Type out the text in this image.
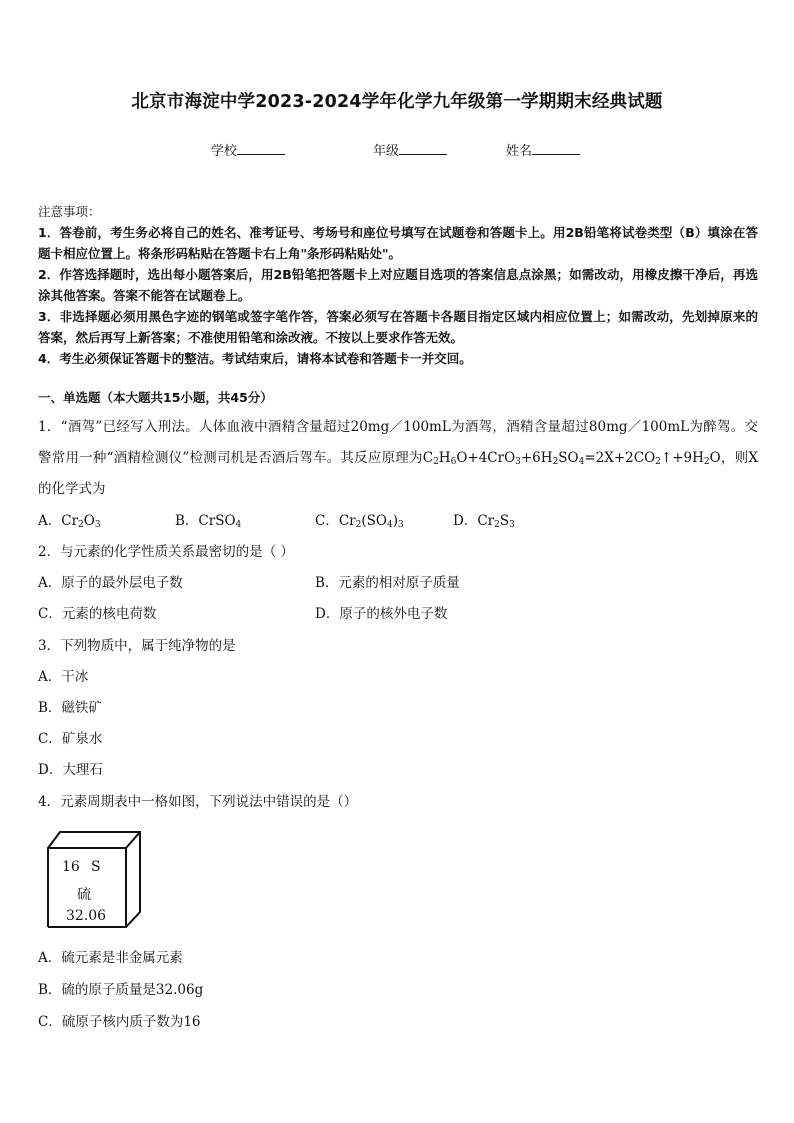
北京市海淀中学2023-2024学年化学九年级第一学期期末经典试题
学校	年级	姓名
注意事项：

1．答卷前，考生务必将自己的姓名、准考证号、考场号和座位号填写在试题卷和答题卡上。用2B铅笔将试卷类型（B）填涂在答题卡相应位置上。将条形码粘贴在答题卡右上角"条形码粘贴处"。

2．作答选择题时，选出每小题答案后，用2B铅笔把答题卡上对应题目选项的答案信息点涂黑；如需改动，用橡皮擦干净后，再选涂其他答案。答案不能答在试题卷上。

3．非选择题必须用黑色字迹的钢笔或签字笔作答，答案必须写在答题卡各题目指定区域内相应位置上；如需改动，先划掉原来的答案，然后再写上新答案；不准使用铅笔和涂改液。不按以上要求作答无效。

4．考生必须保证答题卡的整洁。考试结束后，请将本试卷和答题卡一并交回。

一、单选题（本大题共15小题，共45分）
1．“酒驾”已经写入刑法。人体血液中酒精含量超过20mg／100mL为酒驾，酒精含量超过80mg／100mL为醉驾。交警常用一种“酒精检测仪”检测司机是否酒后驾车。其反应原理为$C_2H_6O+4CrO_3+6H_2SO_4=2X+2CO_2↑+9H_2O$，则X的化学式为
A．$Cr_2O_3$	B．CrSO$_4$	C．$Cr_2(SO_4)_3$	D．$Cr_2S_3$
2．与元素的化学性质关系最密切的是（ ）
A．原子的最外层电子数	B．元素的相对原子质量
C．元素的核电荷数	D．原子的核外电子数
3．下列物质中，属于纯净物的是
A．干冰
B．磁铁矿
C．矿泉水
D．大理石
4．元素周期表中一格如图，下列说法中错误的是（）
16 S
硫
32.06
A．硫元素是非金属元素
B．硫的原子质量是32.06g
C．硫原子核内质子数为16
